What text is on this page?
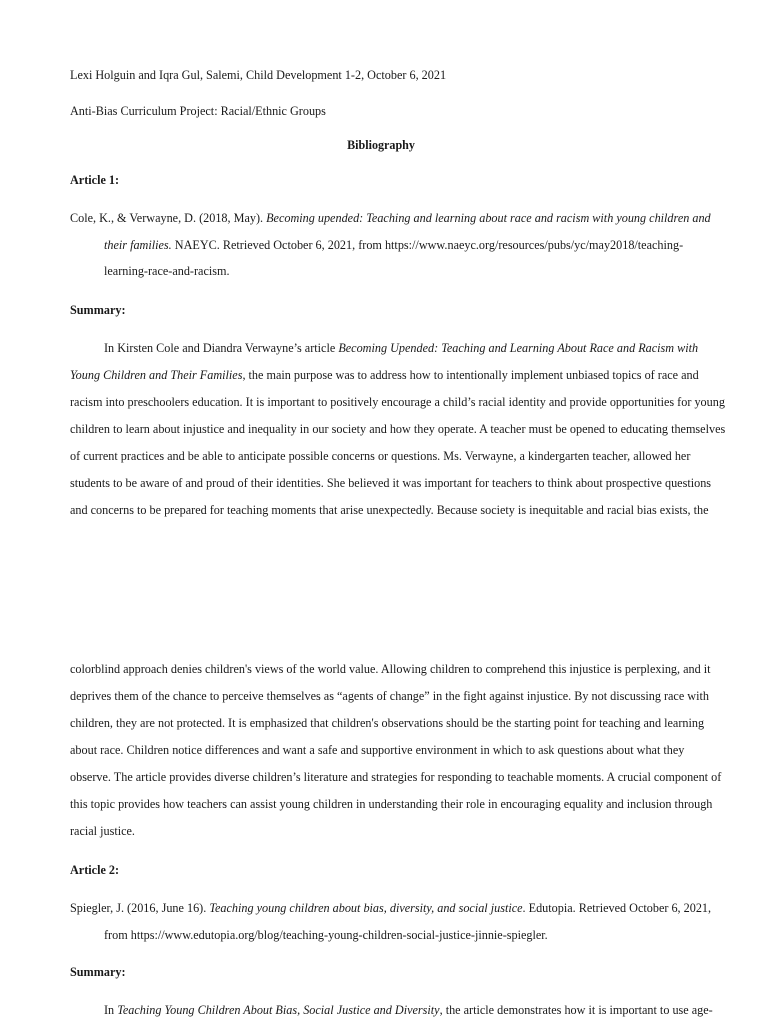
Lexi Holguin and Iqra Gul, Salemi, Child Development 1-2, October 6, 2021
Anti-Bias Curriculum Project: Racial/Ethnic Groups
Bibliography
Article 1:
Cole, K., & Verwayne, D. (2018, May). Becoming upended: Teaching and learning about race and racism with young children and
their families. NAEYC. Retrieved October 6, 2021, from https://www.naeyc.org/resources/pubs/yc/may2018/teaching-
learning-race-and-racism.
Summary:
In Kirsten Cole and Diandra Verwayne’s article Becoming Upended: Teaching and Learning About Race and Racism with
Young Children and Their Families, the main purpose was to address how to intentionally implement unbiased topics of race and
racism into preschoolers education. It is important to positively encourage a child’s racial identity and provide opportunities for young
children to learn about injustice and inequality in our society and how they operate. A teacher must be opened to educating themselves
of current practices and be able to anticipate possible concerns or questions. Ms. Verwayne, a kindergarten teacher, allowed her
students to be aware of and proud of their identities. She believed it was important for teachers to think about prospective questions
and concerns to be prepared for teaching moments that arise unexpectedly. Because society is inequitable and racial bias exists, the
colorblind approach denies children's views of the world value. Allowing children to comprehend this injustice is perplexing, and it
deprives them of the chance to perceive themselves as “agents of change” in the fight against injustice. By not discussing race with
children, they are not protected. It is emphasized that children's observations should be the starting point for teaching and learning
about race. Children notice differences and want a safe and supportive environment in which to ask questions about what they
observe. The article provides diverse children’s literature and strategies for responding to teachable moments. A crucial component of
this topic provides how teachers can assist young children in understanding their role in encouraging equality and inclusion through
racial justice.
Article 2:
Spiegler, J. (2016, June 16). Teaching young children about bias, diversity, and social justice. Edutopia. Retrieved October 6, 2021,
from https://www.edutopia.org/blog/teaching-young-children-social-justice-jinnie-spiegler.
Summary:
In Teaching Young Children About Bias, Social Justice and Diversity, the article demonstrates how it is important to use age-
